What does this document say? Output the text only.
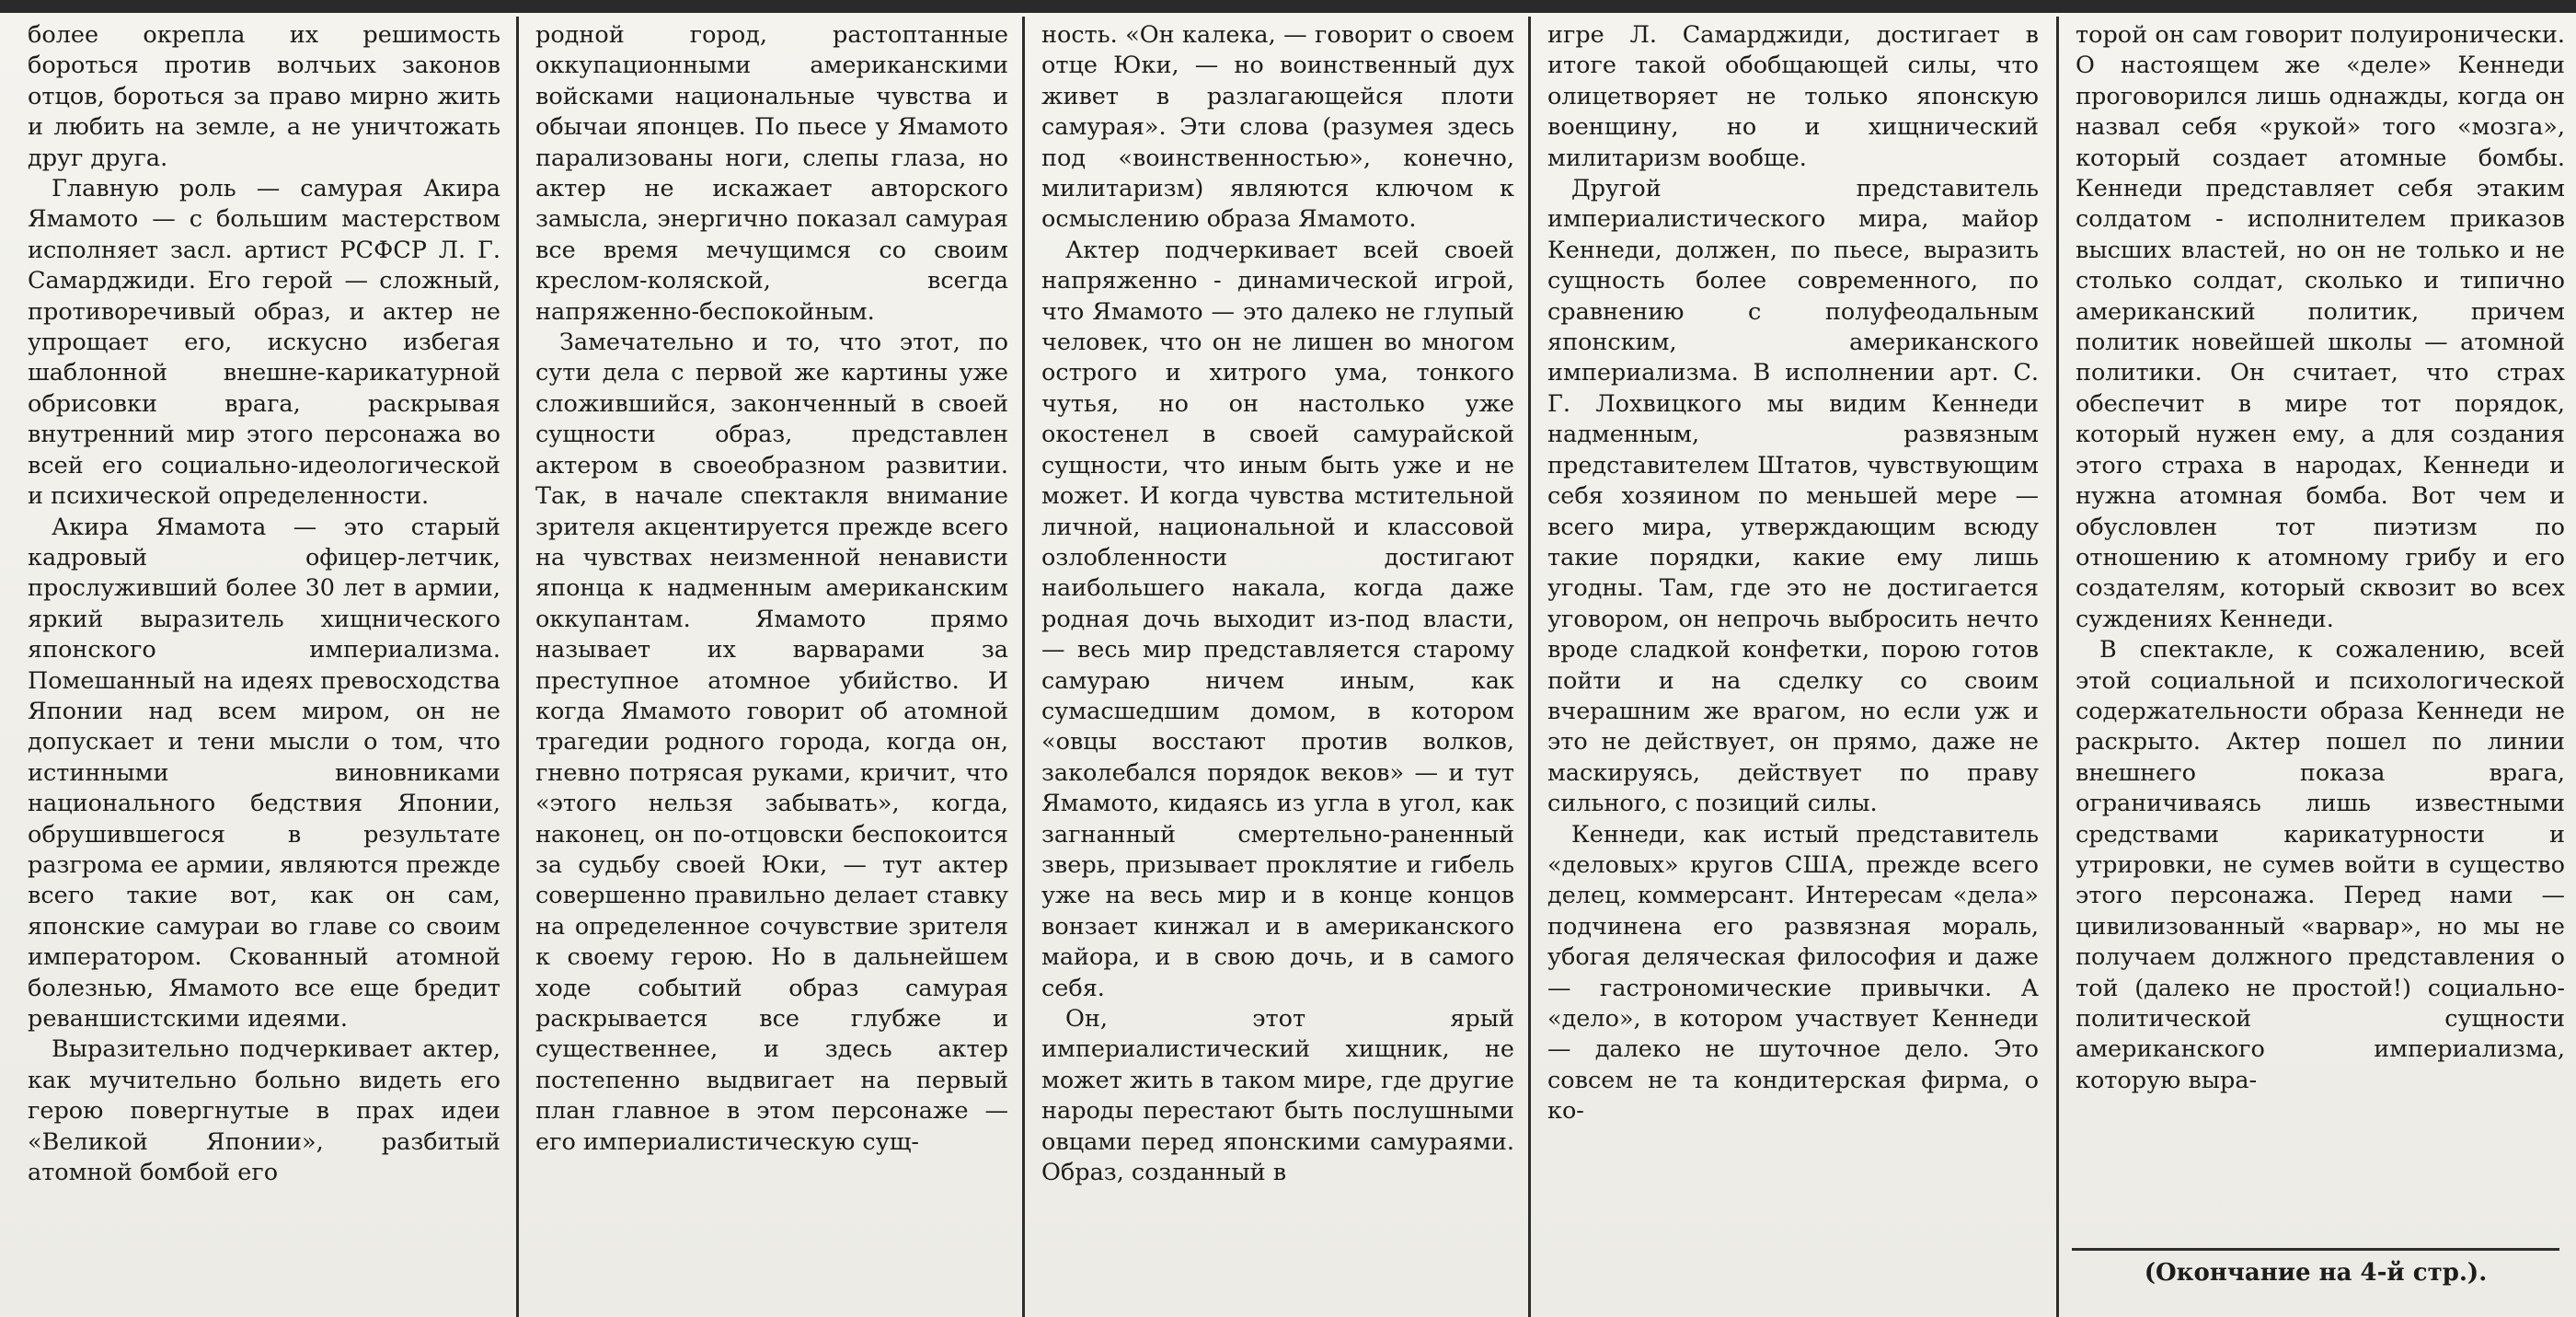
более окрепла их решимость бороться против волчьих законов отцов, бороться за право мирно жить и любить на земле, а не уничтожать друг друга.

Главную роль — самурая Акира Ямамото — с большим мастерством исполняет засл. артист РСФСР Л. Г. Самарджиди. Его герой — сложный, противоречивый образ, и актер не упрощает его, искусно избегая шаблонной внешне-карикатурной обрисовки врага, раскрывая внутренний мир этого персонажа во всей его социально-идеологической и психической определенности.

Акира Ямамота — это старый кадровый офицер-летчик, прослуживший более 30 лет в армии, яркий выразитель хищнического японского империализма. Помешанный на идеях превосходства Японии над всем миром, он не допускает и тени мысли о том, что истинными виновниками национального бедствия Японии, обрушившегося в результате разгрома ее армии, являются прежде всего такие вот, как он сам, японские самураи во главе со своим императором. Скованный атомной болезнью, Ямамото все еще бредит реваншистскими идеями.

Выразительно подчеркивает актер, как мучительно больно видеть его герою повергнутые в прах идеи «Великой Японии», разбитый атомной бомбой его

родной город, растоптанные оккупационными американскими войсками национальные чувства и обычаи японцев. По пьесе у Ямамото парализованы ноги, слепы глаза, но актер не искажает авторского замысла, энергично показал самурая все время мечущимся со своим креслом-коляской, всегда напряженно-беспокойным.

Замечательно и то, что этот, по сути дела с первой же картины уже сложившийся, законченный в своей сущности образ, представлен актером в своеобразном развитии. Так, в начале спектакля внимание зрителя акцентируется прежде всего на чувствах неизменной ненависти японца к надменным американским оккупантам. Ямамото прямо называет их варварами за преступное атомное убийство. И когда Ямамото говорит об атомной трагедии родного города, когда он, гневно потрясая руками, кричит, что «этого нельзя забывать», когда, наконец, он по-отцовски беспокоится за судьбу своей Юки, — тут актер совершенно правильно делает ставку на определенное сочувствие зрителя к своему герою. Но в дальнейшем ходе событий образ самурая раскрывается все глубже и существеннее, и здесь актер постепенно выдвигает на первый план главное в этом персонаже — его империалистическую сущ-

ность. «Он калека, — говорит о своем отце Юки, — но воинственный дух живет в разлагающейся плоти самурая». Эти слова (разумея здесь под «воинственностью», конечно, милитаризм) являются ключом к осмыслению образа Ямамото.

Актер подчеркивает всей своей напряженно - динамической игрой, что Ямамото — это далеко не глупый человек, что он не лишен во многом острого и хитрого ума, тонкого чутья, но он настолько уже окостенел в своей самурайской сущности, что иным быть уже и не может. И когда чувства мстительной личной, национальной и классовой озлобленности достигают наибольшего накала, когда даже родная дочь выходит из-под власти, — весь мир представляется старому самураю ничем иным, как сумасшедшим домом, в котором «овцы восстают против волков, заколебался порядок веков» — и тут Ямамото, кидаясь из угла в угол, как загнанный смертельно-раненный зверь, призывает проклятие и гибель уже на весь мир и в конце концов вонзает кинжал и в американского майора, и в свою дочь, и в самого себя.

Он, этот ярый империалистический хищник, не может жить в таком мире, где другие народы перестают быть послушными овцами перед японскими самураями. Образ, созданный в

игре Л. Самарджиди, достигает в итоге такой обобщающей силы, что олицетворяет не только японскую военщину, но и хищнический милитаризм вообще.

Другой представитель империалистического мира, майор Кеннеди, должен, по пьесе, выразить сущность более современного, по сравнению с полуфеодальным японским, американского империализма. В исполнении арт. С. Г. Лохвицкого мы видим Кеннеди надменным, развязным представителем Штатов, чувствующим себя хозяином по меньшей мере — всего мира, утверждающим всюду такие порядки, какие ему лишь угодны. Там, где это не достигается уговором, он непрочь выбросить нечто вроде сладкой конфетки, порою готов пойти и на сделку со своим вчерашним же врагом, но если уж и это не действует, он прямо, даже не маскируясь, действует по праву сильного, с позиций силы.

Кеннеди, как истый представитель «деловых» кругов США, прежде всего делец, коммерсант. Интересам «дела» подчинена его развязная мораль, убогая деляческая философия и даже — гастрономические привычки. А «дело», в котором участвует Кеннеди — далеко не шуточное дело. Это совсем не та кондитерская фирма, о ко-

торой он сам говорит полуиронически. О настоящем же «деле» Кеннеди проговорился лишь однажды, когда он назвал себя «рукой» того «мозга», который создает атомные бомбы. Кеннеди представляет себя этаким солдатом - исполнителем приказов высших властей, но он не только и не столько солдат, сколько и типично американский политик, причем политик новейшей школы — атомной политики. Он считает, что страх обеспечит в мире тот порядок, который нужен ему, а для создания этого страха в народах, Кеннеди и нужна атомная бомба. Вот чем и обусловлен тот пиэтизм по отношению к атомному грибу и его создателям, который сквозит во всех суждениях Кеннеди.

В спектакле, к сожалению, всей этой социальной и психологической содержательности образа Кеннеди не раскрыто. Актер пошел по линии внешнего показа врага, ограничиваясь лишь известными средствами карикатурности и утрировки, не сумев войти в существо этого персонажа. Перед нами — цивилизованный «варвар», но мы не получаем должного представления о той (далеко не простой!) социально-политической сущности американского империализма, которую выра-

(Окончание на 4-й стр.).
